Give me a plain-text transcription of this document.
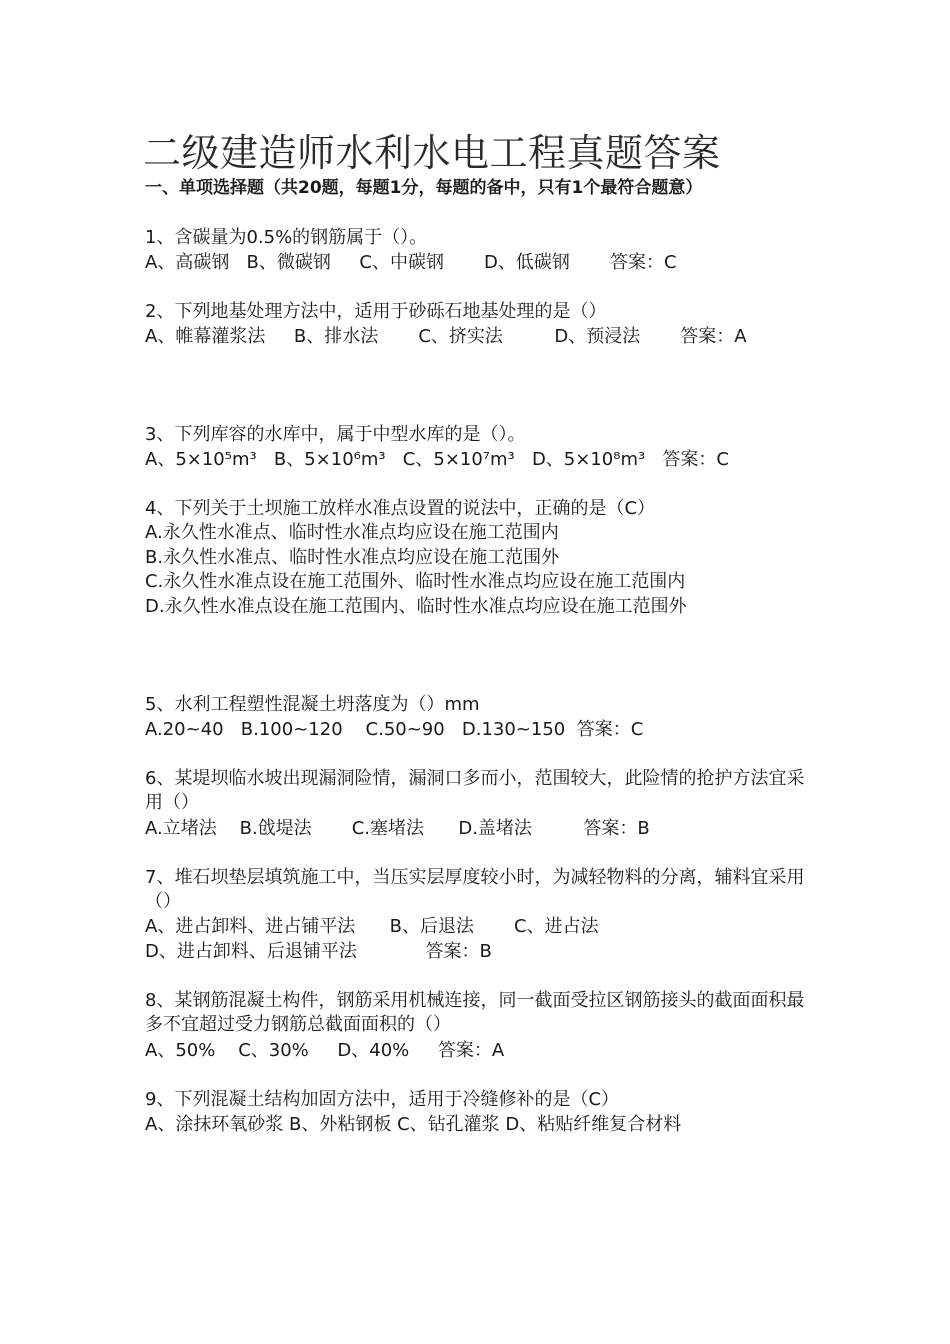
二级建造师水利水电工程真题答案
一、单项选择题（共20题，每题1分，每题的备中，只有1个最符合题意）
1、含碳量为0.5%的钢筋属于（）。
A、高碳钢   B、微碳钢     C、中碳钢       D、低碳钢       答案：C
2、下列地基处理方法中，适用于砂砾石地基处理的是（）
A、帷幕灌浆法     B、排水法       C、挤实法         D、预浸法       答案：A
3、下列库容的水库中，属于中型水库的是（）。
A、5×10⁵m³   B、5×10⁶m³   C、5×10⁷m³   D、5×10⁸m³   答案：C
4、下列关于土坝施工放样水准点设置的说法中，正确的是（C）
A.永久性水准点、临时性水准点均应设在施工范围内
B.永久性水准点、临时性水准点均应设在施工范围外
C.永久性水准点设在施工范围外、临时性水准点均应设在施工范围内
D.永久性水准点设在施工范围内、临时性水准点均应设在施工范围外
5、水利工程塑性混凝土坍落度为（）mm
A.20~40   B.100~120    C.50~90   D.130~150  答案：C
6、某堤坝临水坡出现漏洞险情，漏洞口多而小，范围较大，此险情的抢护方法宜采用（）
A.立堵法    B.戗堤法       C.塞堵法      D.盖堵法         答案：B
7、堆石坝垫层填筑施工中，当压实层厚度较小时，为减轻物料的分离，辅料宜采用（）
A、进占卸料、进占铺平法      B、后退法       C、进占法
D、进占卸料、后退铺平法            答案：B
8、某钢筋混凝土构件，钢筋采用机械连接，同一截面受拉区钢筋接头的截面面积最多不宜超过受力钢筋总截面面积的（）
A、50%    C、30%     D、40%     答案：A
9、下列混凝土结构加固方法中，适用于冷缝修补的是（C）
A、涂抹环氧砂浆 B、外粘钢板 C、钻孔灌浆 D、粘贴纤维复合材料
